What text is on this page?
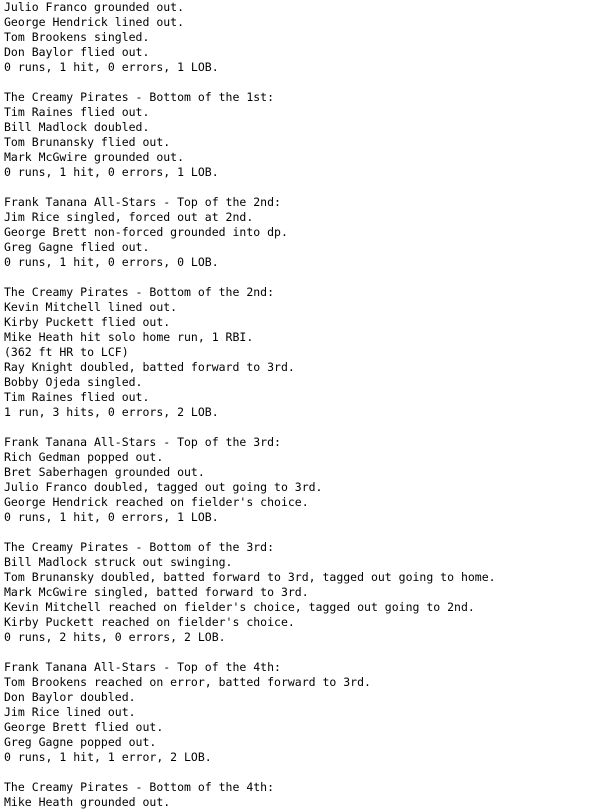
Julio Franco grounded out.
George Hendrick lined out.
Tom Brookens singled.
Don Baylor flied out.
0 runs, 1 hit, 0 errors, 1 LOB.
The Creamy Pirates - Bottom of the 1st:
Tim Raines flied out.
Bill Madlock doubled.
Tom Brunansky flied out.
Mark McGwire grounded out.
0 runs, 1 hit, 0 errors, 1 LOB.
Frank Tanana All-Stars - Top of the 2nd:
Jim Rice singled, forced out at 2nd.
George Brett non-forced grounded into dp.
Greg Gagne flied out.
0 runs, 1 hit, 0 errors, 0 LOB.
The Creamy Pirates - Bottom of the 2nd:
Kevin Mitchell lined out.
Kirby Puckett flied out.
Mike Heath hit solo home run, 1 RBI.
(362 ft HR to LCF)
Ray Knight doubled, batted forward to 3rd.
Bobby Ojeda singled.
Tim Raines flied out.
1 run, 3 hits, 0 errors, 2 LOB.
Frank Tanana All-Stars - Top of the 3rd:
Rich Gedman popped out.
Bret Saberhagen grounded out.
Julio Franco doubled, tagged out going to 3rd.
George Hendrick reached on fielder's choice.
0 runs, 1 hit, 0 errors, 1 LOB.
The Creamy Pirates - Bottom of the 3rd:
Bill Madlock struck out swinging.
Tom Brunansky doubled, batted forward to 3rd, tagged out going to home.
Mark McGwire singled, batted forward to 3rd.
Kevin Mitchell reached on fielder's choice, tagged out going to 2nd.
Kirby Puckett reached on fielder's choice.
0 runs, 2 hits, 0 errors, 2 LOB.
Frank Tanana All-Stars - Top of the 4th:
Tom Brookens reached on error, batted forward to 3rd.
Don Baylor doubled.
Jim Rice lined out.
George Brett flied out.
Greg Gagne popped out.
0 runs, 1 hit, 1 error, 2 LOB.
The Creamy Pirates - Bottom of the 4th:
Mike Heath grounded out.
